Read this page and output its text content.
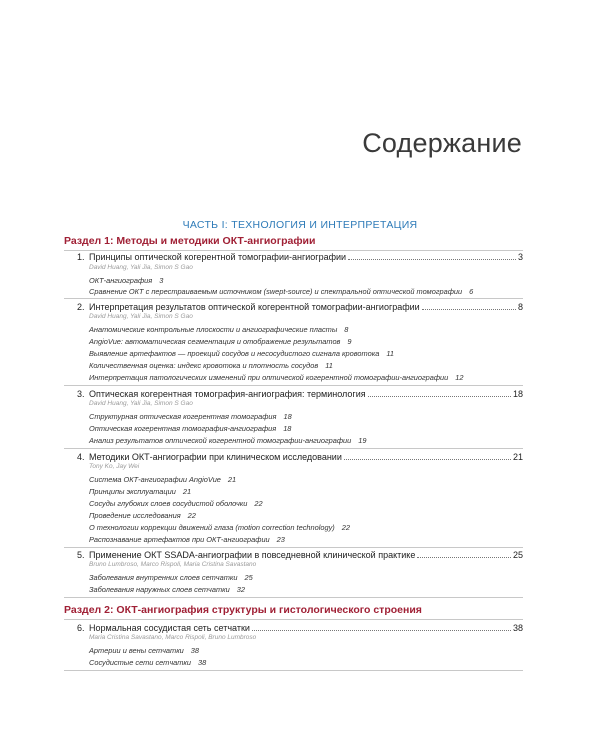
Содержание
ЧАСТЬ I: ТЕХНОЛОГИЯ И ИНТЕРПРЕТАЦИЯ
Раздел 1: Методы и методики ОКТ-ангиографии
1. Принципы оптической когерентной томографии-ангиографии	3
David Huang, Yali Jia, Simon S Gao
ОКТ-ангиография 3
Сравнение ОКТ с перестраиваемым источником (swept-source) и спектральной оптической томографии 6
2. Интерпретация результатов оптической когерентной томографии-ангиографии	8
David Huang, Yali Jia, Simon S Gao
Анатомические контрольные плоскости и ангиографические пласты 8
AngioVue: автоматическая сегментация и отображение результатов 9
Выявление артефактов — проекций сосудов и несосудистого сигнала кровотока 11
Количественная оценка: индекс кровотока и плотность сосудов 11
Интерпретация патологических изменений при оптической когерентной томографии-ангиографии 12
3. Оптическая когерентная томография-ангиография: терминология	18
David Huang, Yali Jia, Simon S Gao
Структурная оптическая когерентная томография 18
Оптическая когерентная томография-ангиография 18
Анализ результатов оптической когерентной томографии-ангиографии 19
4. Методики ОКТ-ангиографии при клиническом исследовании	21
Tony Ko, Jay Wei
Система ОКТ-ангиографии AngioVue 21
Принципы эксплуатации 21
Сосуды глубоких слоев сосудистой оболочки 22
Проведение исследования 22
О технологии коррекции движений глаза (motion correction technology) 22
Распознавание артефактов при ОКТ-ангиографии 23
5. Применение ОКТ SSADA-ангиографии в повседневной клинической практике	25
Bruno Lumbroso, Marco Rispoli, Maria Cristina Savastano
Заболевания внутренних слоев сетчатки 25
Заболевания наружных слоев сетчатки 32
Раздел 2: ОКТ-ангиография структуры и гистологического строения
6. Нормальная сосудистая сеть сетчатки	38
Maria Cristina Savastano, Marco Rispoli, Bruno Lumbroso
Артерии и вены сетчатки 38
Сосудистые сети сетчатки 38
